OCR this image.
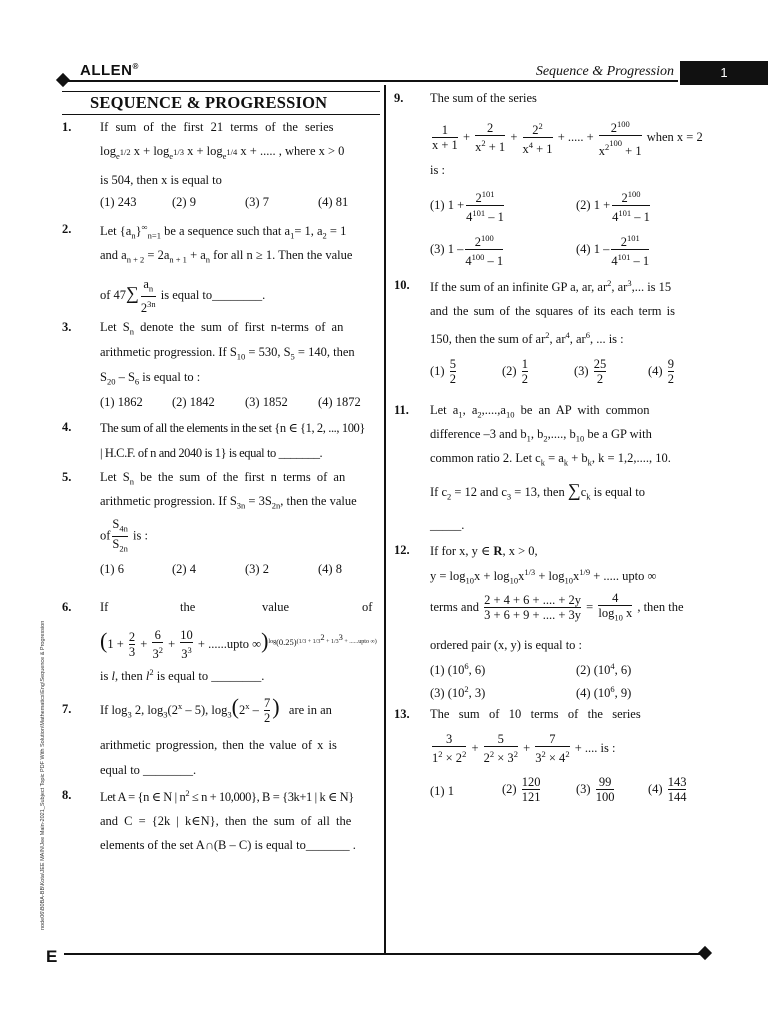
ALLEN®	Sequence & Progression	1
SEQUENCE & PROGRESSION
node06\B0BA-BB\Kota\JEE MAIN\Jee Main-2021_Subject Topic PDF With Solution\Mathematics\Eng\Sequence & Progression
1. If sum of the first 21 terms of the series
$\log_{e^{1/2}} x + \log_{e^{1/3}} x + \log_{e^{1/4}} x$ + ..... , where x > 0
is 504, then x is equal to
(1) 243	(2) 9	(3) 7	(4) 81
2. Let $\{a_n\}^\infty_{n=1}$ be a sequence such that $a_1= 1$, $a_2 = 1$
and $a_{n + 2} = 2a_{n + 1} + a_n$ for all n ≥ 1. Then the value
of $47\sum \frac{a_n}{2^{3n}}$ is equal to________.
3. Let $S_n$ denote the sum of first n-terms of an
arithmetic progression. If $S_{10} = 530$, $S_5 = 140$, then
$S_{20} - S_6$ is equal to :
(1) 1862 (2) 1842 (3) 1852 (4) 1872
4. The sum of all the elements in the set {n ∈ {1, 2, ..., 100}
| H.C.F. of n and 2040 is 1} is equal to _______.
5. Let $S_n$ be the sum of the first n terms of an
arithmetic progression. If $S_{3n} = 3S_{2n}$, then the value
of $\frac{S_{4n}}{S_{2n}}$ is :
(1) 6	(2) 4	(3) 2	(4) 8
6. If	the	value	of
($1 + \frac{2}{3} + \frac{6}{3^2} + \frac{10}{3^3}$ + ......upto ∞)$^{log_{(0.25)}(1/3 + 1/3^2 + 1/3^3 + ......upto \infty)}$
is l, then $l^2$ is equal to ________.
7. If $\log_3 2$, $\log_3(2^x - 5)$, $\log_3(2^x - \frac{7}{2}$ ) are in an
arithmetic progression, then the value of x is
equal to ________.
8. Let A = {n ∈ N | $n^2 \le n + 10,000$}, B = {3k+1 | k ∈ N}
and C = {2k | k∈N}, then the sum of all the
elements of the set A∩(B – C) is equal to_______ .
9. The sum of the series
$\frac{1}{x + 1} + \frac{2}{x^2 + 1} + \frac{2^2}{x^4 + 1}$ + ..... + $\frac{2^{100}}{x^{2^{100}} + 1}$ when x = 2
is :
(1) $1 + \frac{2^{101}}{4^{101} - 1}$	(2) $1 + \frac{2^{100}}{4^{101} - 1}$
(3) $1 - \frac{2^{100}}{4^{100} - 1}$	(4) $1 - \frac{2^{101}}{4^{101} - 1}$
10. If the sum of an infinite GP a, ar, $ar^2$, $ar^3$,... is 15
and the sum of the squares of its each term is
150, then the sum of $ar^2$, $ar^4$, $ar^6$, ... is :
$(1) \frac{5}{2}$	$(2) \frac{1}{2}$	$(3) \frac{25}{2}$	$(4) \frac{9}{2}$
11. Let $a_1$, $a_2,....,a_{10}$ be an AP with common
difference –3 and $b_1$, $b_2$,...., $b_{10}$ be a GP with
common ratio 2. Let $c_k = a_k + b_k$, k = 1,2,...., 10.
If $c_2 = 12$ and $c_3 = 13$, then $\sum c_k$ is equal to
_____.
12. If for x, y ∈ R, x > 0,
$y = \log_{10}x + \log_{10}x^{1/3} + \log_{10}x^{1/9}$ + ..... upto ∞
terms and $\frac{2 + 4 + 6 + .... + 2y}{3 + 6 + 9 + .... + 3y} = \frac{4}{\log_{10} x}$ , then the
ordered pair (x, y) is equal to :
(1) ($10^6$, 6)	(2) ($10^4$, 6)
(3) ($10^2$, 3)	(4) ($10^6$, 9)
13. The   sum   of   10   terms   of   the   series
$\frac{3}{1^2 \times 2^2} + \frac{5}{2^2 \times 3^2} + \frac{7}{3^2 \times 4^2}$ + .... is :
(1) 1	$(2) \frac{120}{121}$	$(3) \frac{99}{100}$	$(4) \frac{143}{144}$
E
